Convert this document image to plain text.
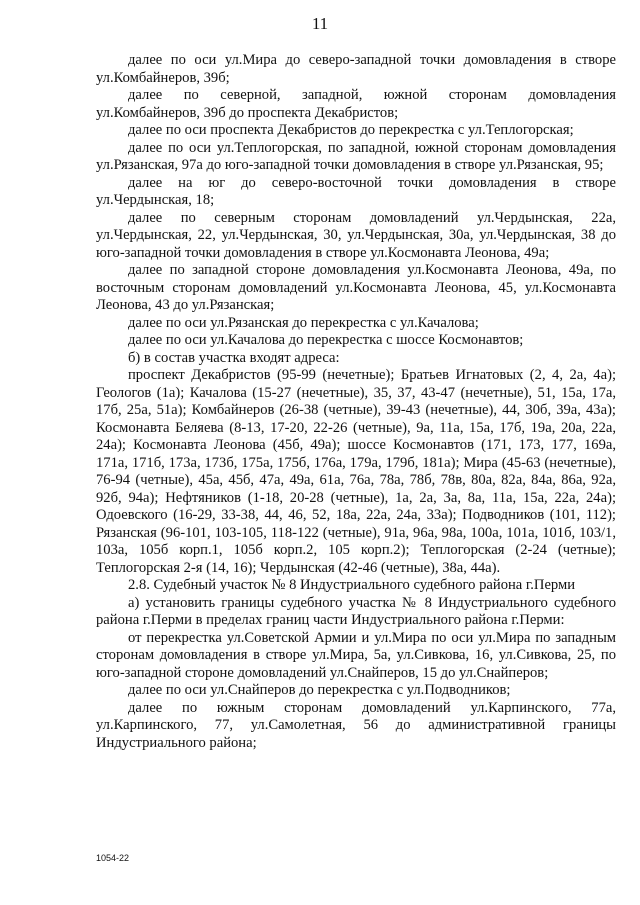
11

далее по оси ул.Мира до северо-западной точки домовладения в створе ул.Комбайнеров, 39б;

далее по северной, западной, южной сторонам домовладения ул.Комбайнеров, 39б до проспекта Декабристов;

далее по оси проспекта Декабристов до перекрестка с ул.Теплогорская;

далее по оси ул.Теплогорская, по западной, южной сторонам домовладения ул.Рязанская, 97а до юго-западной точки домовладения в створе ул.Рязанская, 95;

далее на юг до северо-восточной точки домовладения в створе ул.Чердынская, 18;

далее по северным сторонам домовладений ул.Чердынская, 22а, ул.Чердынская, 22, ул.Чердынская, 30, ул.Чердынская, 30а, ул.Чердынская, 38 до юго-западной точки домовладения в створе ул.Космонавта Леонова, 49а;

далее по западной стороне домовладения ул.Космонавта Леонова, 49а, по восточным сторонам домовладений ул.Космонавта Леонова, 45, ул.Космонавта Леонова, 43 до ул.Рязанская;

далее по оси ул.Рязанская до перекрестка с ул.Качалова;

далее по оси ул.Качалова до перекрестка с шоссе Космонавтов;

б) в состав участка входят адреса:

проспект Декабристов (95-99 (нечетные); Братьев Игнатовых (2, 4, 2а, 4а); Геологов (1а); Качалова (15-27 (нечетные), 35, 37, 43-47 (нечетные), 51, 15а, 17а, 17б, 25а, 51а); Комбайнеров (26-38 (четные), 39-43 (нечетные), 44, 30б, 39а, 43а); Космонавта Беляева (8-13, 17-20, 22-26 (четные), 9а, 11а, 15а, 17б, 19а, 20а, 22а, 24а); Космонавта Леонова (45б, 49а); шоссе Космонавтов (171, 173, 177, 169а, 171а, 171б, 173а, 173б, 175а, 175б, 176а, 179а, 179б, 181а); Мира (45-63 (нечетные), 76-94 (четные), 45а, 45б, 47а, 49а, 61а, 76а, 78а, 78б, 78в, 80а, 82а, 84а, 86а, 92а, 92б, 94а); Нефтяников (1-18, 20-28 (четные), 1а, 2а, 3а, 8а, 11а, 15а, 22а, 24а); Одоевского (16-29, 33-38, 44, 46, 52, 18а, 22а, 24а, 33а); Подводников (101, 112); Рязанская (96-101, 103-105, 118-122 (четные), 91а, 96а, 98а, 100а, 101а, 101б, 103/1, 103а, 105б корп.1, 105б корп.2, 105 корп.2); Теплогорская (2-24 (четные); Теплогорская 2-я (14, 16); Чердынская (42-46 (четные), 38а, 44а).

2.8. Судебный участок № 8 Индустриального судебного района г.Перми

а) установить границы судебного участка № 8 Индустриального судебного района г.Перми в пределах границ части Индустриального района г.Перми:

от перекрестка ул.Советской Армии и ул.Мира по оси ул.Мира по западным сторонам домовладения в створе ул.Мира, 5а, ул.Сивкова, 16, ул.Сивкова, 25, по юго-западной стороне домовладений ул.Снайперов, 15 до ул.Снайперов;

далее по оси ул.Снайперов до перекрестка с ул.Подводников;

далее по южным сторонам домовладений ул.Карпинского, 77а, ул.Карпинского, 77, ул.Самолетная, 56 до административной границы Индустриального района;

1054-22
